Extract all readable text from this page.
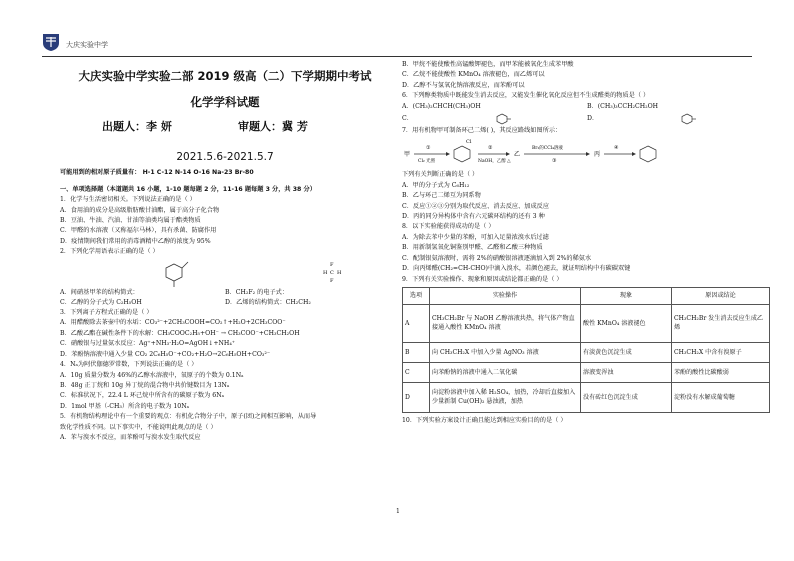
大庆实验中学
大庆实验中学实验二部 2019 级高（二）下学期期中考试
化学学科试题
出题人：李 妍	审题人：冀 芳
2021.5.6-2021.5.7

可能用到的相对原子质量有： H-1 C-12 N-14 O-16 Na-23 Br-80

一、单项选择题（本道题共 16 小题，1-10 题每题 2 分，11-16 题每题 3 分，共 38 分）

1．化学与生活密切相关。下列说法正确的是（ ）

A．食用油的成分是高级脂肪酸甘油酯，属于高分子化合物

B．豆油、牛油、汽油、甘油等油类均属于酯类物质

C．甲醛的水溶液（又称福尔马林），具有杀菌、防腐作用

D．疫情期间我们常用的消毒酒精中乙醇的浓度为 95%

2．下列化学用语表示正确的是（ ）

F
C
H H
F
A．间硝基甲苯的结构简式：	B．CH₂F₂ 的电子式：
C．乙醇的分子式为 C₂H₅OH	D．乙烯的结构简式：CH₂CH₂

3．下列离子方程式正确的是（ ）

A．用醋酸除去茶壶中的水垢：CO₃²⁻+2CH₃COOH=CO₂↑+H₂O+2CH₃COO⁻

B．乙酸乙酯在碱性条件下的水解：CH₃COOC₂H₅+OH⁻ → CH₃COO⁻+CH₃CH₂OH

C．硝酸银与过量氨水反应：Ag⁺+NH₃·H₂O=AgOH↓+NH₄⁺

D．苯酚钠溶液中通入少量 CO₂ 2C₆H₅O⁻+CO₂+H₂O→2C₆H₅OH+CO₃²⁻

4．Nₐ为阿伏伽德罗常数，下列说法正确的是（ ）

A．10g 质量分数为 46%的乙醇水溶液中，氧原子的个数为 0.1Nₐ

B．48g 正丁烷和 10g 异丁烷的混合物中共价键数目为 13Nₐ

C．标准状况下，22.4 L 环己烷中所含有的碳原子数为 6Nₐ

D．1mol 甲基（-CH₃）所含的电子数为 10Nₐ

5．有机物结构理论中有一个重要的观点：有机化合物分子中，原子(团)之间相互影响，从而导

致化学性质不同。以下事实中，不能说明此观点的是（ ）

A．苯与溴水不反应，而苯酚可与溴水发生取代反应

B．甲烷不能使酸性高锰酸钾褪色，而甲苯能被氧化生成苯甲酸

C．乙烷不能使酸性 KMnO₄ 溶液褪色，而乙烯可以

D．乙醇不与氢氧化钠溶液反应，而苯酚可以

6．下列醇类物质中既能发生消去反应，又能发生催化氧化反应但不生成醛类的物质是（ ）

A．(CH₃)₂CHCH(CH₃)OH	B．(CH₃)₃CCH₂CH₂OH
C．	D．

7．用有机物甲可制备环己二烯( )，其反应路线如图所示：

甲
①
Cl₂ 光照
Cl
②
NaOH，乙醇 △
乙
Br₂的CCl₄溶液
③
丙
④

下列有关判断正确的是（ ）

A．甲的分子式为 C₆H₁₂

B．乙与环己二烯互为同系物

C．反应①②③分别为取代反应、消去反应、加成反应

D．丙的同分异构体中含有六元碳环结构的还有 3 种

8．以下实验能获得成功的是（ ）

A．为除去苯中少量的苯酚，可加入足量浓溴水后过滤

B．用新制氢氧化铜鉴别甲醛、乙醛和乙酸三种物质

C．配制银氨溶液时，需将 2%的硝酸银溶液逐滴加入到 2%的稀氨水

D．向丙烯醛(CH₂=CH-CHO)中滴入溴水，若颜色褪去，就证明结构中有碳碳双键

9．下列有关实验操作、现象和原因或结论都正确的是（ ）

选项	实验操作	现象	原因或结论
A	CH₃CH₂Br 与 NaOH 乙醇溶液共热，将气体产物直接通入酸性 KMnO₄ 溶液	酸性 KMnO₄ 溶液褪色	CH₃CH₂Br 发生消去反应生成乙烯
B	向 CH₃CH₂X 中加入少量 AgNO₃ 溶液	有淡黄色沉淀生成	CH₃CH₂X 中含有溴原子
C	向苯酚钠的溶液中通入二氧化碳	溶液变浑浊	苯酚的酸性比碳酸弱
D	向淀粉溶液中加入稀 H₂SO₄，加热，冷却后直接加入少量新制 Cu(OH)₂ 悬浊液，加热	没有砖红色沉淀生成	淀粉没有水解成葡萄糖

10．下列实验方案设计正确且能达到相应实验目的的是（ ）

1
